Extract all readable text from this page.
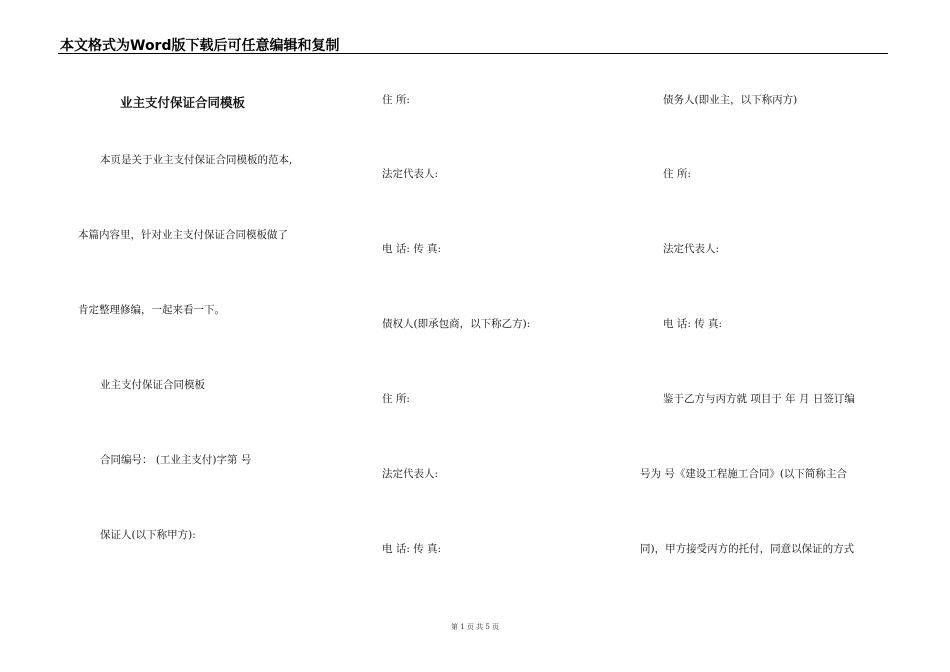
本文格式为Word版下载后可任意编辑和复制
业主支付保证合同模板
本页是关于业主支付保证合同模板的范本,
本篇内容里，针对业主支付保证合同模板做了
肯定整理修编，一起来看一下。
业主支付保证合同模板
合同编号： (工业主支付)字第 号
保证人(以下称甲方):
住 所:
法定代表人:
电 话: 传 真:
债权人(即承包商，以下称乙方):
住 所:
法定代表人:
电 话: 传 真:
债务人(即业主，以下称丙方)
住 所:
法定代表人:
电 话: 传 真:
鉴于乙方与丙方就 项目于 年 月 日签订编
号为 号《建设工程施工合同》(以下简称主合
同)，甲方接受丙方的托付，同意以保证的方式
第 1 页 共 5 页
